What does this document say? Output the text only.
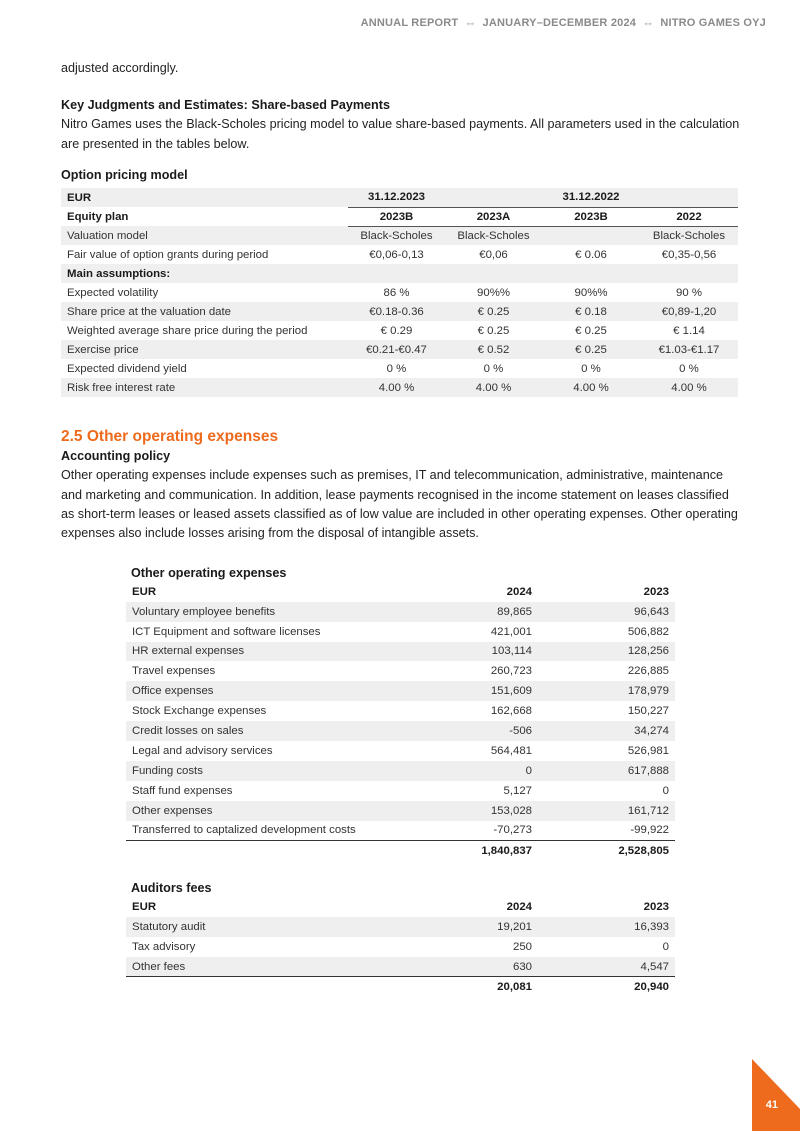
ANNUAL REPORT ⇔ JANUARY–DECEMBER 2024 ⇔ NITRO GAMES OYJ

adjusted accordingly.

Key Judgments and Estimates: Share-based Payments

Nitro Games uses the Black-Scholes pricing model to value share-based payments. All parameters used in the calculation are presented in the tables below.

Option pricing model
EUR	31.12.2023		31.12.2022	
Equity plan	2023B	2023A	2023B	2022
Valuation model	Black-Scholes	Black-Scholes		Black-Scholes
Fair value of option grants during period	€0,06-0,13	€0,06	€ 0.06	€0,35-0,56
Main assumptions:				
Expected volatility	86 %	90%%	90%%	90 %
Share price at the valuation date	€0.18-0.36	€ 0.25	€ 0.18	€0,89-1,20
Weighted average share price during the period	€ 0.29	€ 0.25	€ 0.25	€ 1.14
Exercise price	€0.21-€0.47	€ 0.52	€ 0.25	€1.03-€1.17
Expected dividend yield	0 %	0 %	0 %	0 %
Risk free interest rate	4.00 %	4.00 %	4.00 %	4.00 %
2.5 Other operating expenses
Accounting policy

Other operating expenses include expenses such as premises, IT and telecommunication, administrative, maintenance and marketing and communication. In addition, lease payments recognised in the income statement on leases classified as short-term leases or leased assets classified as of low value are included in other operating expenses. Other operating expenses also include losses arising from the disposal of intangible assets.

Other operating expenses
EUR	2024	2023
Voluntary employee benefits	89,865	96,643
ICT Equipment and software licenses	421,001	506,882
HR external expenses	103,114	128,256
Travel expenses	260,723	226,885
Office expenses	151,609	178,979
Stock Exchange expenses	162,668	150,227
Credit losses on sales	-506	34,274
Legal and advisory services	564,481	526,981
Funding costs	0	617,888
Staff fund expenses	5,127	0
Other expenses	153,028	161,712
Transferred to captalized development costs	-70,273	-99,922
	1,840,837	2,528,805
Auditors fees
EUR	2024	2023
Statutory audit	19,201	16,393
Tax advisory	250	0
Other fees	630	4,547
	20,081	20,940
41
